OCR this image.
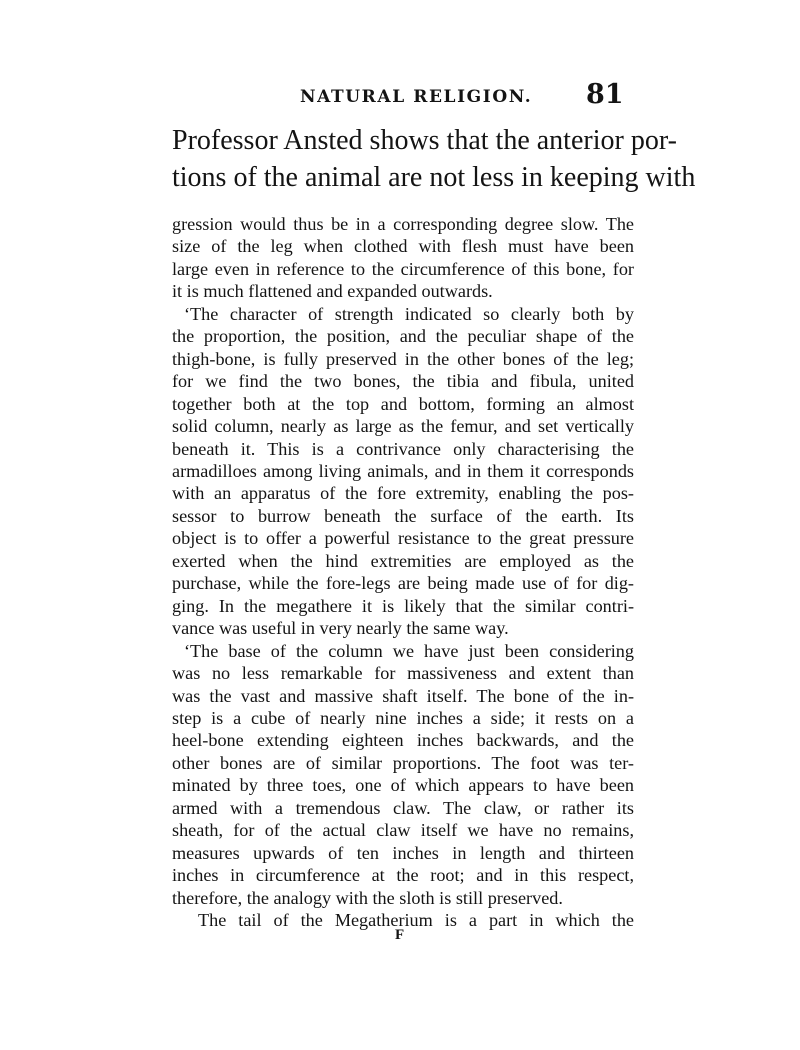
NATURAL RELIGION. 81
Professor Ansted shows that the anterior por-
tions of the animal are not less in keeping with
gression would thus be in a corresponding degree slow. The
size of the leg when clothed with flesh must have been
large even in reference to the circumference of this bone, for
it is much flattened and expanded outwards.
‘The character of strength indicated so clearly both by
the proportion, the position, and the peculiar shape of the
thigh-bone, is fully preserved in the other bones of the leg;
for we find the two bones, the tibia and fibula, united
together both at the top and bottom, forming an almost
solid column, nearly as large as the femur, and set vertically
beneath it. This is a contrivance only characterising the
armadilloes among living animals, and in them it corresponds
with an apparatus of the fore extremity, enabling the pos-
sessor to burrow beneath the surface of the earth. Its
object is to offer a powerful resistance to the great pressure
exerted when the hind extremities are employed as the
purchase, while the fore-legs are being made use of for dig-
ging. In the megathere it is likely that the similar contri-
vance was useful in very nearly the same way.
‘The base of the column we have just been considering
was no less remarkable for massiveness and extent than
was the vast and massive shaft itself. The bone of the in-
step is a cube of nearly nine inches a side; it rests on a
heel-bone extending eighteen inches backwards, and the
other bones are of similar proportions. The foot was ter-
minated by three toes, one of which appears to have been
armed with a tremendous claw. The claw, or rather its
sheath, for of the actual claw itself we have no remains,
measures upwards of ten inches in length and thirteen
inches in circumference at the root; and in this respect,
therefore, the analogy with the sloth is still preserved.
The tail of the Megatherium is a part in which the
F
